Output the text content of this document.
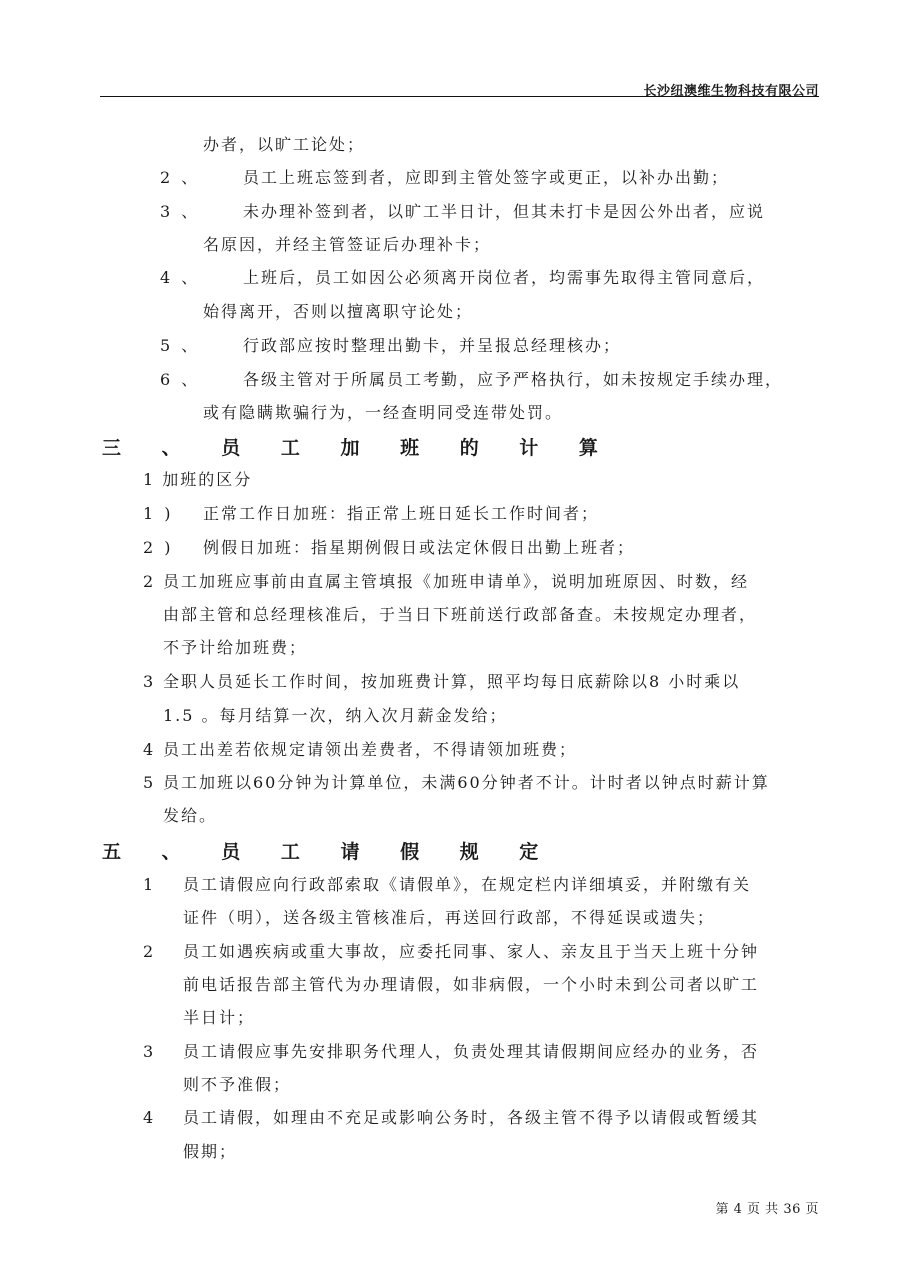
长沙纽澳维生物科技有限公司
办者，以旷工论处；
2 、	员工上班忘签到者，应即到主管处签字或更正，以补办出勤；
3 、	未办理补签到者，以旷工半日计，但其未打卡是因公外出者，应说
名原因，并经主管签证后办理补卡；
4 、	上班后，员工如因公必须离开岗位者，均需事先取得主管同意后，
始得离开，否则以擅离职守论处；
5 、	行政部应按时整理出勤卡，并呈报总经理核办；
6 、	各级主管对于所属员工考勤，应予严格执行，如未按规定手续办理，
或有隐瞒欺骗行为，一经查明同受连带处罚。
三 、 员 工 加 班 的 计 算
1 加班的区分
1 ) 正常工作日加班：指正常上班日延长工作时间者；
2 ) 例假日加班：指星期例假日或法定休假日出勤上班者；
2 员工加班应事前由直属主管填报《加班申请单》，说明加班原因、时数，经
由部主管和总经理核准后，于当日下班前送行政部备查。未按规定办理者，
不予计给加班费；
3 全职人员延长工作时间，按加班费计算，照平均每日底薪除以8 小时乘以
1.5 。每月结算一次，纳入次月薪金发给；
4 员工出差若依规定请领出差费者，不得请领加班费；
5 员工加班以60分钟为计算单位，未满60分钟者不计。计时者以钟点时薪计算
发给。
五 、 员 工 请 假 规 定
1 员工请假应向行政部索取《请假单》，在规定栏内详细填妥，并附缴有关
证件（明），送各级主管核准后，再送回行政部，不得延误或遗失；
2 员工如遇疾病或重大事故，应委托同事、家人、亲友且于当天上班十分钟
前电话报告部主管代为办理请假，如非病假，一个小时未到公司者以旷工
半日计；
3 员工请假应事先安排职务代理人，负责处理其请假期间应经办的业务，否
则不予准假；
4 员工请假，如理由不充足或影响公务时，各级主管不得予以请假或暂缓其
假期；
第 4 页 共 36 页
